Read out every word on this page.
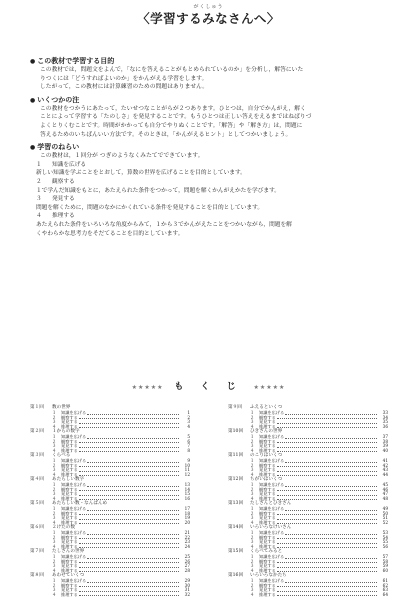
がくしゅう
〈学習するみなさんへ〉
● この教材で学習する目的
この教材では，問題文をよんで，「なにを答えることがもとめられているのか」を分析し，解答にいた
りつくには「どうすればよいのか」をかんがえる学習をします。
したがって，この教材には計算練習のための問題はありません。
● いくつかの注
この教材をつかうにあたって，たいせつなことがらが２つあります。ひとつは，自分でかんがえ，解く
ことによって学習する「たのしさ」を発見することです。もうひとつは正しい答えをえるまではねばりづ
よくとりくむことです。時間がかかっても自分でやりぬくことです。「解答」や「解き方」は，問題に
答えるためのいちばんいい方法です。そのときは，「かんがえるヒント」としてつかいましょう。
● 学習のねらい
この教材は，１回分が つぎのようなくみたてでできています。
１	知識を広げる
新しい知識を学ぶことをとおして，算数の世界を広げることを目的としています。
２	観察する
１で学んだ知識をもとに，あたえられた条件をつかって，問題を解くかんがえかたを学びます。
３	発見する
問題を解くために，問題のなかにかくれている条件を発見することを目的としています。
４	推理する
あたえられた条件をいろいろな角度からみて，１から３でかんがえたことをつかいながら，問題を解
くやわらかな思考力をそだてることを目的としています。
★★★★★ も く じ ★★★★★
第１回	数の世界
１	知識を広げる	1
２	観察する	2
３	発見する	3
４	推理する	4
第２回	１からの数字
１	知識を広げる	5
２	観察する	6
３	発見する	7
４	推理する	8
第３回	くらべる
１	知識を広げる	9
２	観察する	10
３	発見する	11
４	推理する	12
第４回	あたらしい数字
１	知識を広げる	13
２	観察する	14
３	発見する	15
４	推理する	16
第５回	あたらしい数・なんばんめ
１	知識を広げる	17
２	観察する	18
３	発見する	19
４	推理する	20
第６回	２けたの数
１	知識を広げる	21
２	観察する	22
３	発見する	23
４	推理する	24
第７回	たしざんの世界
１	知識を広げる	25
２	観察する	26
３	発見する	27
４	推理する	28
第８回	あわせていくつ
１	知識を広げる	29
２	観察する	30
３	発見する	31
４	推理する	32
第９回	ふえるといくつ
１	知識を広げる	33
２	観察する	34
３	発見する	35
４	推理する	36
第10回	ひきざんの世界
１	知識を広げる	37
２	観察する	38
３	発見する	39
４	推理する	40
第11回	のこりはいくつ
１	知識を広げる	41
２	観察する	42
３	発見する	43
４	推理する	44
第12回	ちがいはいくつ
１	知識を広げる	45
２	観察する	46
３	発見する	47
４	推理する	48
第13回	たしざんとひきざん
１	知識を広げる	49
２	観察する	50
３	発見する	51
４	推理する	52
第14回	いろいろなけいさん
１	知識を広げる	53
２	観察する	54
３	発見する	55
４	推理する	56
第15回	くらべてみると
１	知識を広げる	57
２	観察する	58
３	発見する	59
４	推理する	60
第16回	いろいろなかたち
１	知識を広げる	61
２	観察する	62
３	発見する	63
４	推理する	64
